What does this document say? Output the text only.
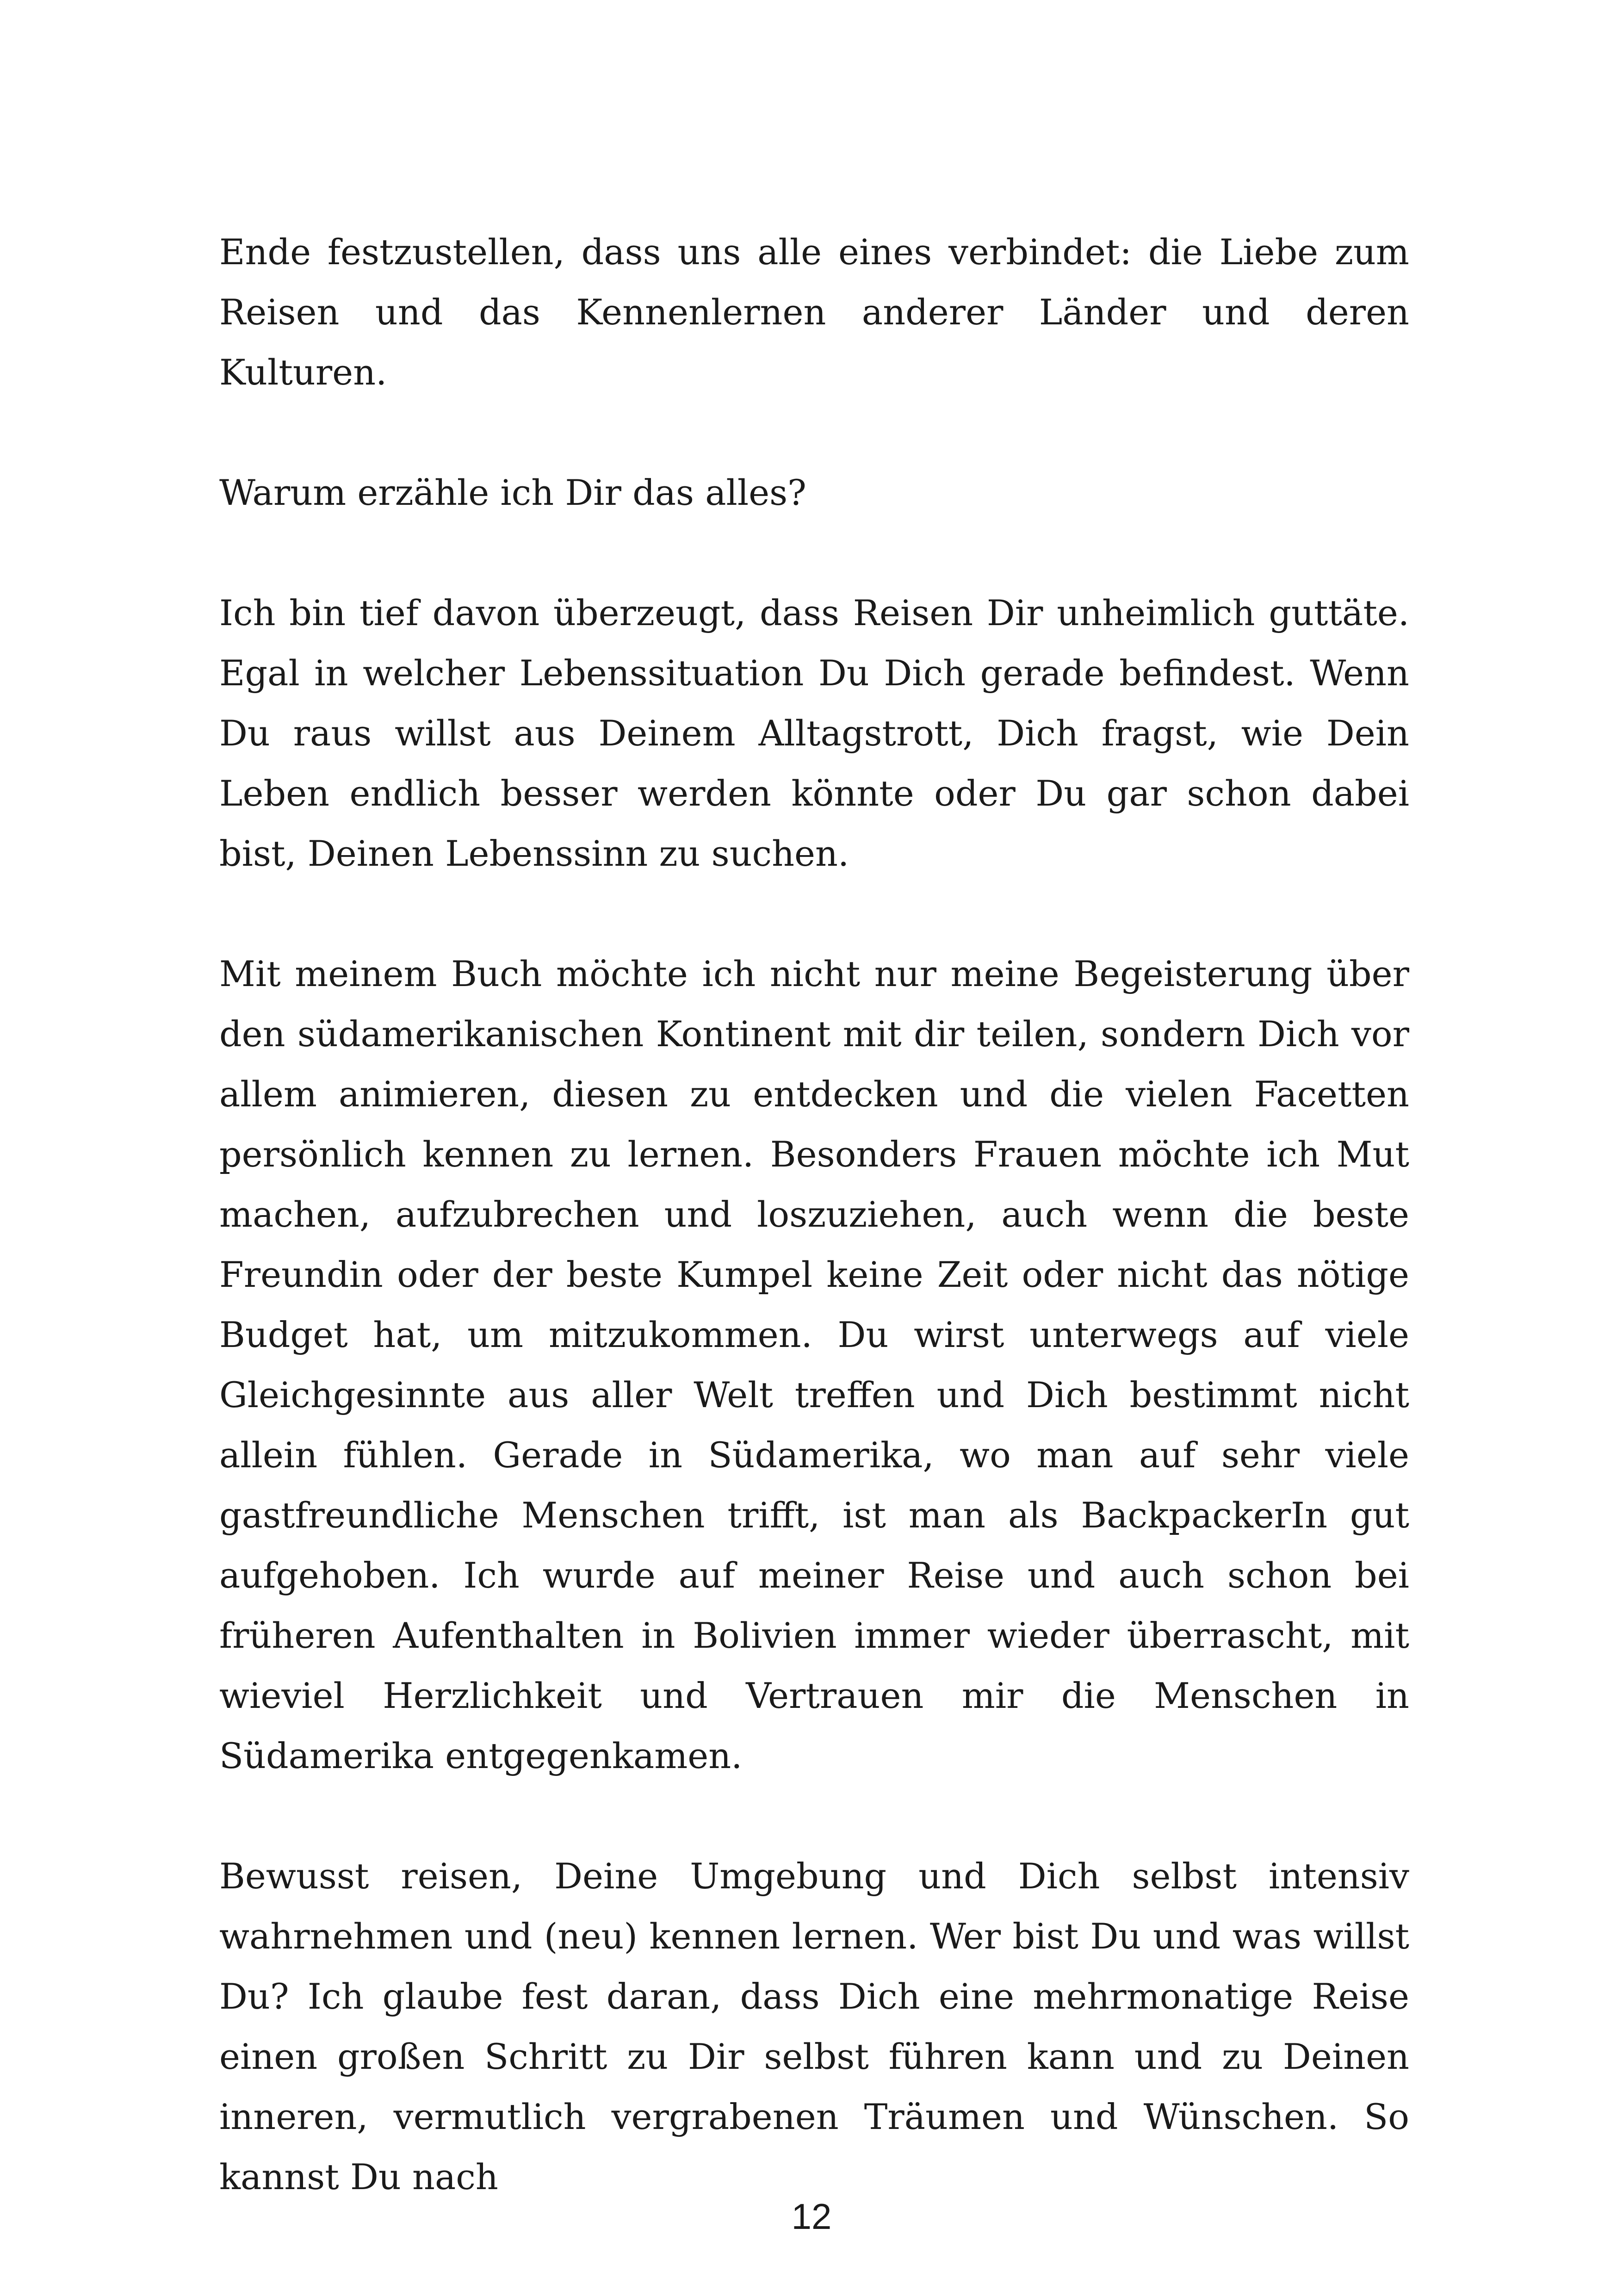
Ende festzustellen, dass uns alle eines verbindet: die Liebe zum Reisen und das Kennenlernen anderer Länder und deren Kulturen.

Warum erzähle ich Dir das alles?

Ich bin tief davon überzeugt, dass Reisen Dir unheimlich guttäte. Egal in welcher Lebenssituation Du Dich gerade befindest. Wenn Du raus willst aus Deinem Alltagstrott, Dich fragst, wie Dein Leben endlich besser werden könnte oder Du gar schon dabei bist, Deinen Lebenssinn zu suchen.

Mit meinem Buch möchte ich nicht nur meine Begeisterung über den südamerikanischen Kontinent mit dir teilen, sondern Dich vor allem animieren, diesen zu entdecken und die vielen Facetten persönlich kennen zu lernen. Besonders Frauen möchte ich Mut machen, aufzubrechen und loszuziehen, auch wenn die beste Freundin oder der beste Kumpel keine Zeit oder nicht das nötige Budget hat, um mitzukommen. Du wirst unterwegs auf viele Gleichgesinnte aus aller Welt treffen und Dich bestimmt nicht allein fühlen. Gerade in Südamerika, wo man auf sehr viele gastfreundliche Menschen trifft, ist man als BackpackerIn gut aufgehoben. Ich wurde auf meiner Reise und auch schon bei früheren Aufenthalten in Bolivien immer wieder überrascht, mit wieviel Herzlichkeit und Vertrauen mir die Menschen in Südamerika entgegenkamen.

Bewusst reisen, Deine Umgebung und Dich selbst intensiv wahrnehmen und (neu) kennen lernen. Wer bist Du und was willst Du? Ich glaube fest daran, dass Dich eine mehrmonatige Reise einen großen Schritt zu Dir selbst führen kann und zu Deinen inneren, vermutlich vergrabenen Träumen und Wünschen. So kannst Du nach

12
